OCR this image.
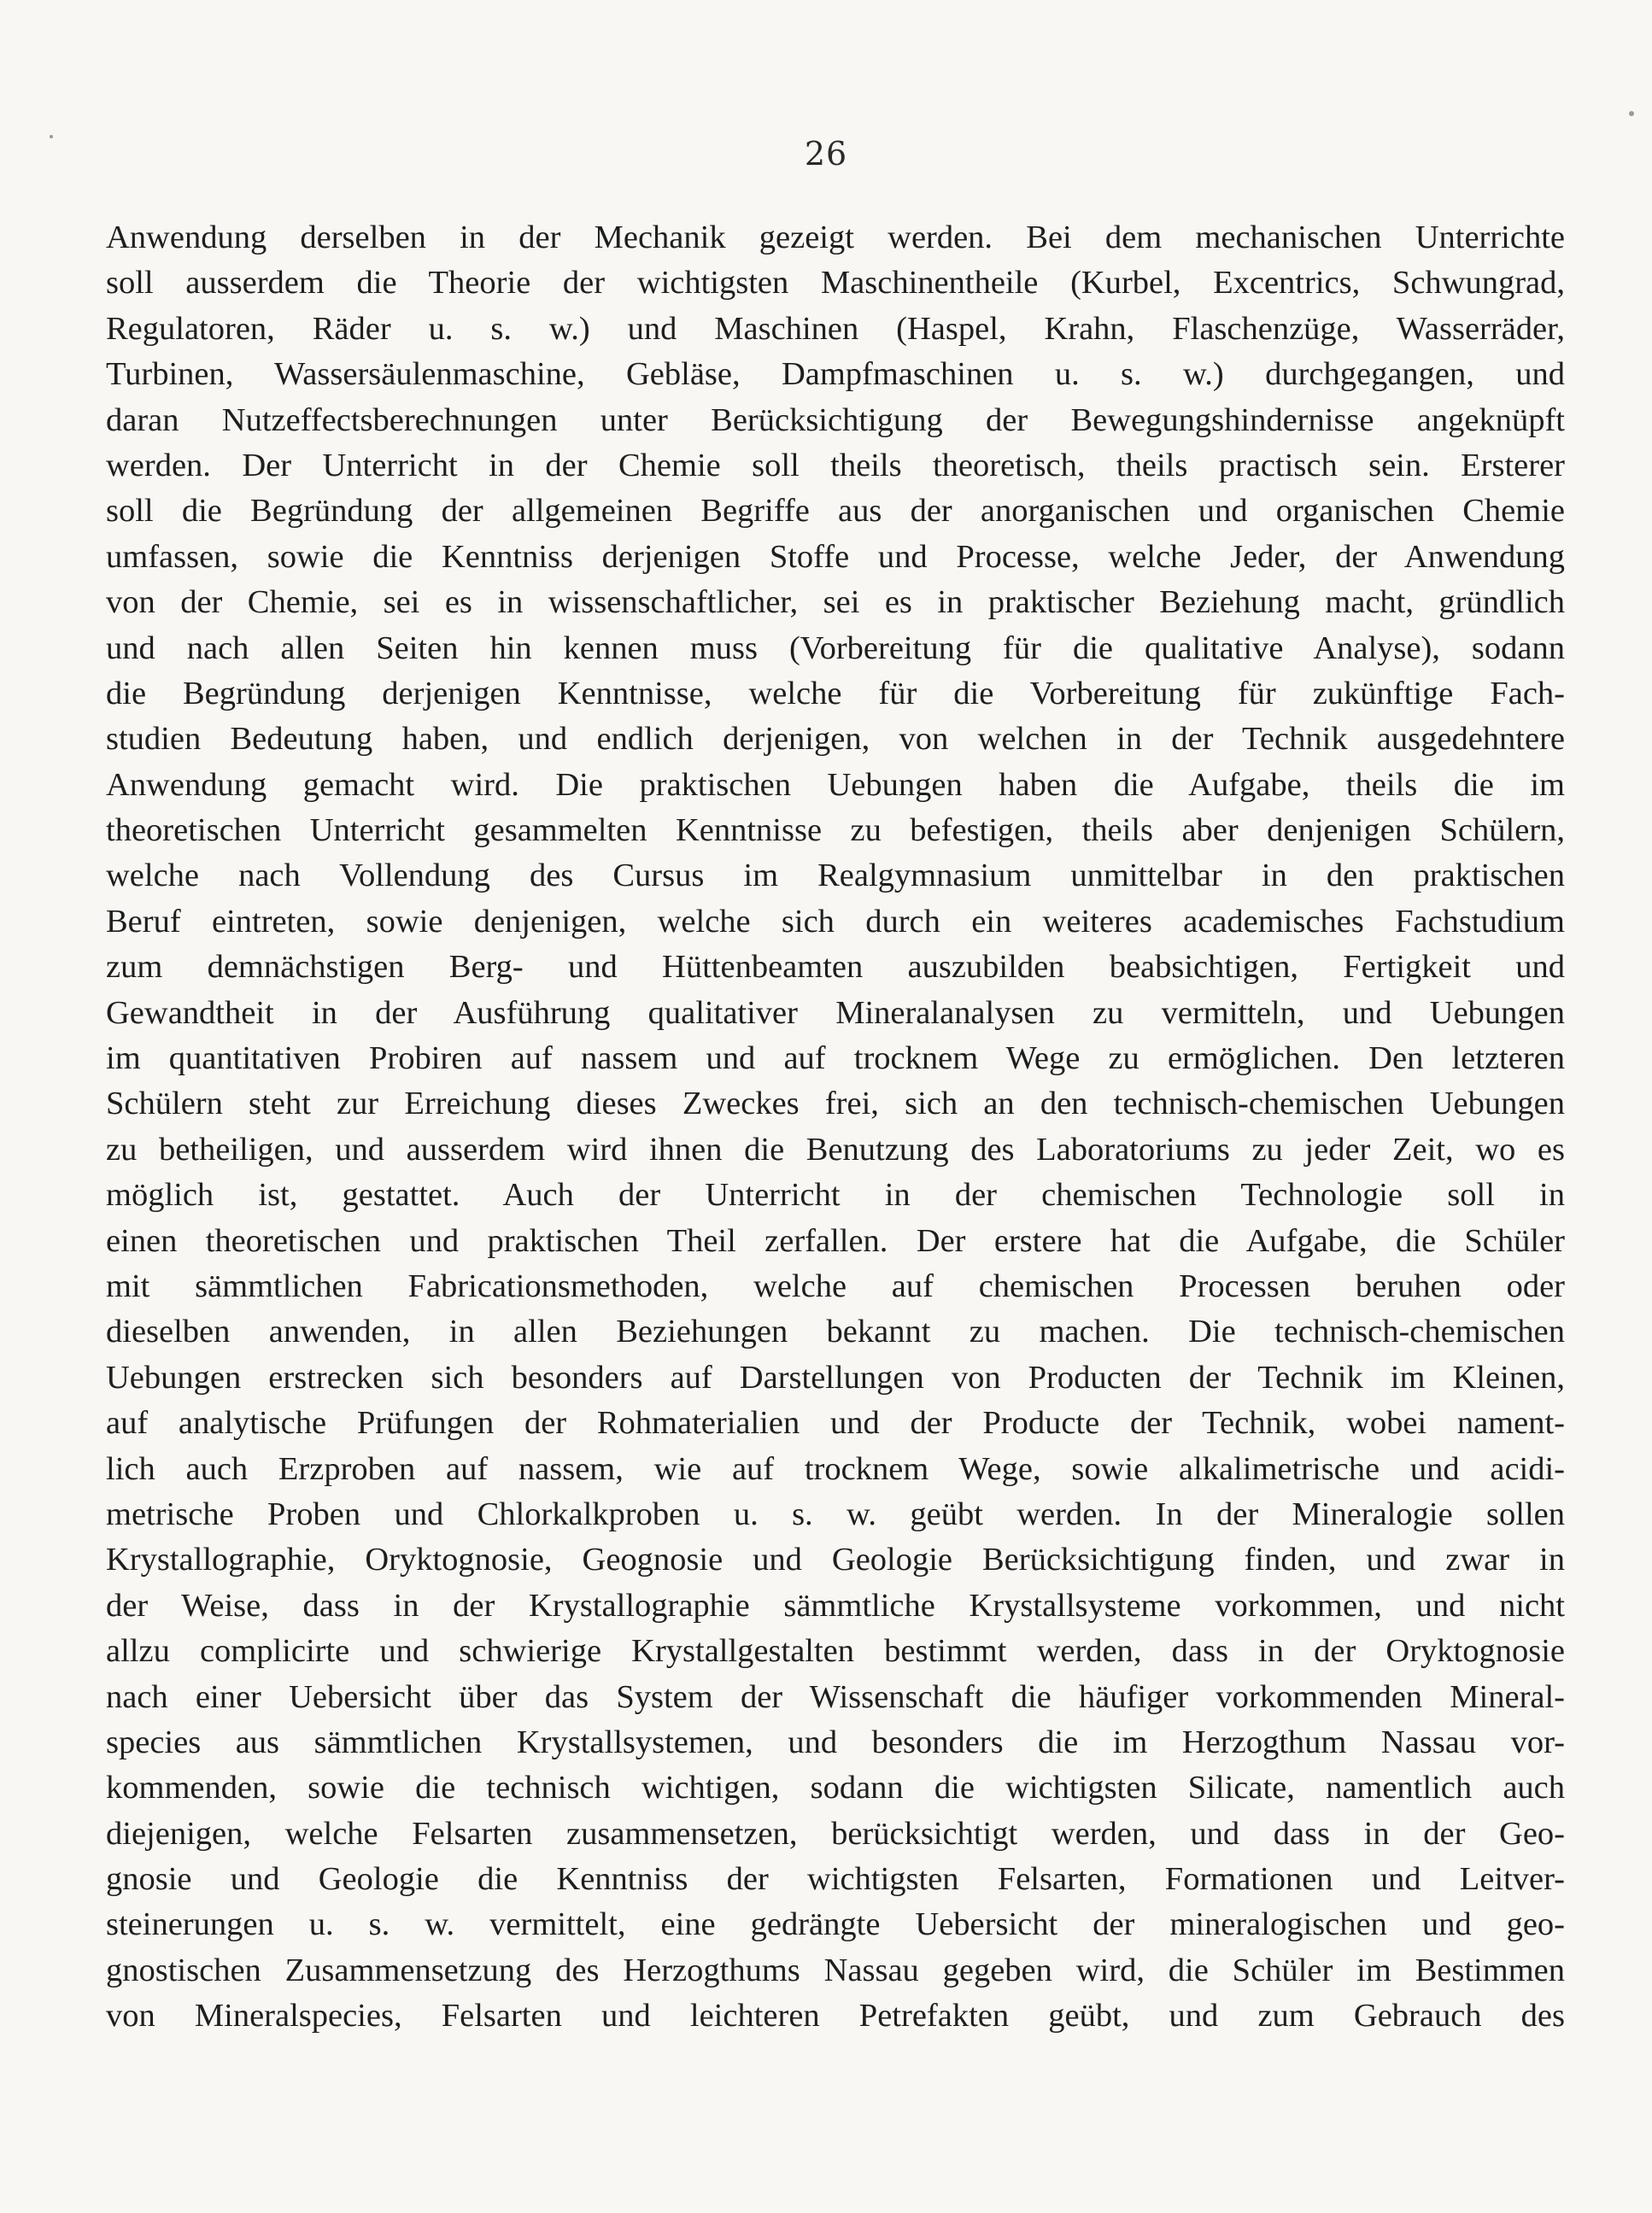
26
Anwendung derselben in der Mechanik gezeigt werden. Bei dem mechanischen Unterrichte
soll ausserdem die Theorie der wichtigsten Maschinentheile (Kurbel, Excentrics, Schwungrad,
Regulatoren, Räder u. s. w.) und Maschinen (Haspel, Krahn, Flaschenzüge, Wasserräder,
Turbinen, Wassersäulenmaschine, Gebläse, Dampfmaschinen u. s. w.) durchgegangen, und
daran Nutzeffectsberechnungen unter Berücksichtigung der Bewegungshindernisse angeknüpft
werden. Der Unterricht in der Chemie soll theils theoretisch, theils practisch sein. Ersterer
soll die Begründung der allgemeinen Begriffe aus der anorganischen und organischen Chemie
umfassen, sowie die Kenntniss derjenigen Stoffe und Processe, welche Jeder, der Anwendung
von der Chemie, sei es in wissenschaftlicher, sei es in praktischer Beziehung macht, gründlich
und nach allen Seiten hin kennen muss (Vorbereitung für die qualitative Analyse), sodann
die Begründung derjenigen Kenntnisse, welche für die Vorbereitung für zukünftige Fach-
studien Bedeutung haben, und endlich derjenigen, von welchen in der Technik ausgedehntere
Anwendung gemacht wird. Die praktischen Uebungen haben die Aufgabe, theils die im
theoretischen Unterricht gesammelten Kenntnisse zu befestigen, theils aber denjenigen Schülern,
welche nach Vollendung des Cursus im Realgymnasium unmittelbar in den praktischen
Beruf eintreten, sowie denjenigen, welche sich durch ein weiteres academisches Fachstudium
zum demnächstigen Berg- und Hüttenbeamten auszubilden beabsichtigen, Fertigkeit und
Gewandtheit in der Ausführung qualitativer Mineralanalysen zu vermitteln, und Uebungen
im quantitativen Probiren auf nassem und auf trocknem Wege zu ermöglichen. Den letzteren
Schülern steht zur Erreichung dieses Zweckes frei, sich an den technisch-chemischen Uebungen
zu betheiligen, und ausserdem wird ihnen die Benutzung des Laboratoriums zu jeder Zeit, wo es
möglich ist, gestattet. Auch der Unterricht in der chemischen Technologie soll in
einen theoretischen und praktischen Theil zerfallen. Der erstere hat die Aufgabe, die Schüler
mit sämmtlichen Fabricationsmethoden, welche auf chemischen Processen beruhen oder
dieselben anwenden, in allen Beziehungen bekannt zu machen. Die technisch-chemischen
Uebungen erstrecken sich besonders auf Darstellungen von Producten der Technik im Kleinen,
auf analytische Prüfungen der Rohmaterialien und der Producte der Technik, wobei nament-
lich auch Erzproben auf nassem, wie auf trocknem Wege, sowie alkalimetrische und acidi-
metrische Proben und Chlorkalkproben u. s. w. geübt werden. In der Mineralogie sollen
Krystallographie, Oryktognosie, Geognosie und Geologie Berücksichtigung finden, und zwar in
der Weise, dass in der Krystallographie sämmtliche Krystallsysteme vorkommen, und nicht
allzu complicirte und schwierige Krystallgestalten bestimmt werden, dass in der Oryktognosie
nach einer Uebersicht über das System der Wissenschaft die häufiger vorkommenden Mineral-
species aus sämmtlichen Krystallsystemen, und besonders die im Herzogthum Nassau vor-
kommenden, sowie die technisch wichtigen, sodann die wichtigsten Silicate, namentlich auch
diejenigen, welche Felsarten zusammensetzen, berücksichtigt werden, und dass in der Geo-
gnosie und Geologie die Kenntniss der wichtigsten Felsarten, Formationen und Leitver-
steinerungen u. s. w. vermittelt, eine gedrängte Uebersicht der mineralogischen und geo-
gnostischen Zusammensetzung des Herzogthums Nassau gegeben wird, die Schüler im Bestimmen
von Mineralspecies, Felsarten und leichteren Petrefakten geübt, und zum Gebrauch des
